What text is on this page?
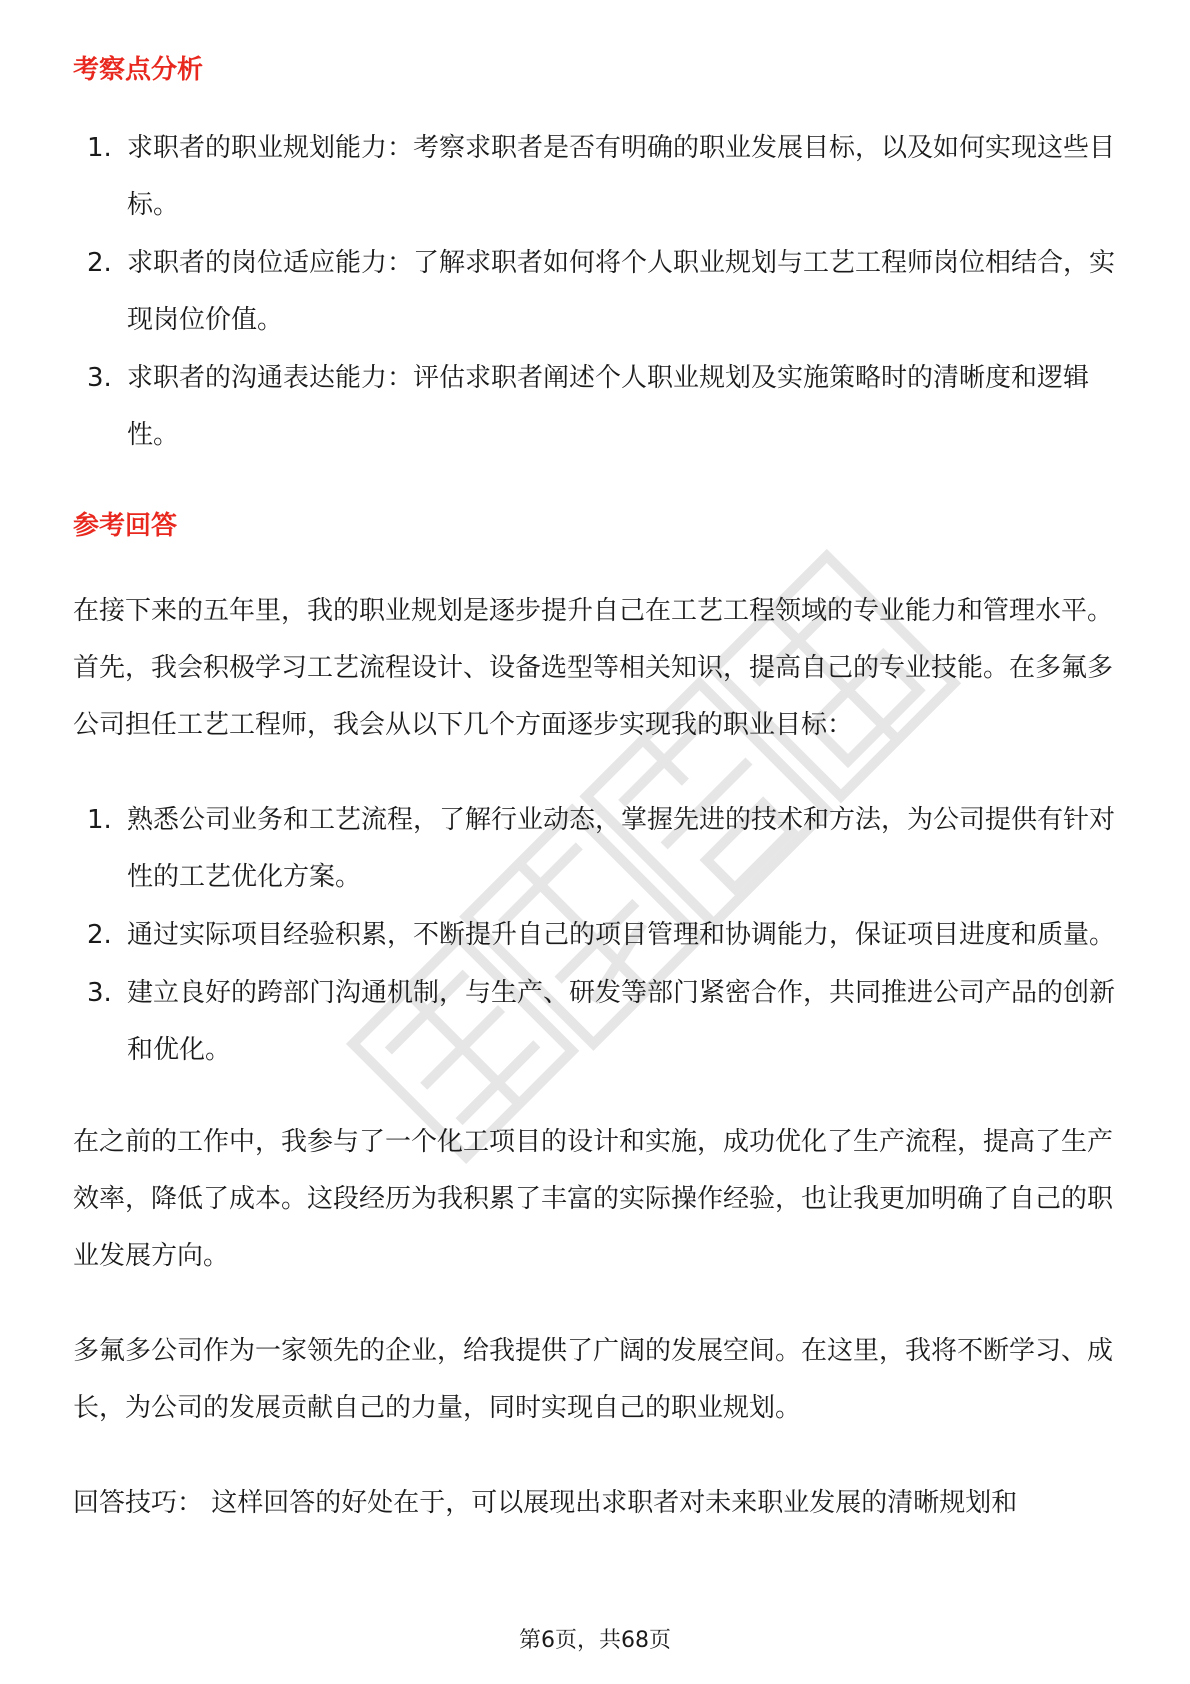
考察点分析
1. 求职者的职业规划能力：考察求职者是否有明确的职业发展目标，以及如何实现这些目标。
2. 求职者的岗位适应能力：了解求职者如何将个人职业规划与工艺工程师岗位相结合，实现岗位价值。
3. 求职者的沟通表达能力：评估求职者阐述个人职业规划及实施策略时的清晰度和逻辑性。
参考回答

在接下来的五年里，我的职业规划是逐步提升自己在工艺工程领域的专业能力和管理水平。首先，我会积极学习工艺流程设计、设备选型等相关知识，提高自己的专业技能。在多氟多公司担任工艺工程师，我会从以下几个方面逐步实现我的职业目标：

1. 熟悉公司业务和工艺流程，了解行业动态，掌握先进的技术和方法，为公司提供有针对性的工艺优化方案。
2. 通过实际项目经验积累，不断提升自己的项目管理和协调能力，保证项目进度和质量。
3. 建立良好的跨部门沟通机制，与生产、研发等部门紧密合作，共同推进公司产品的创新和优化。

在之前的工作中，我参与了一个化工项目的设计和实施，成功优化了生产流程，提高了生产效率，降低了成本。这段经历为我积累了丰富的实际操作经验，也让我更加明确了自己的职业发展方向。

多氟多公司作为一家领先的企业，给我提供了广阔的发展空间。在这里，我将不断学习、成长，为公司的发展贡献自己的力量，同时实现自己的职业规划。

回答技巧： 这样回答的好处在于，可以展现出求职者对未来职业发展的清晰规划和

第6页，共68页
